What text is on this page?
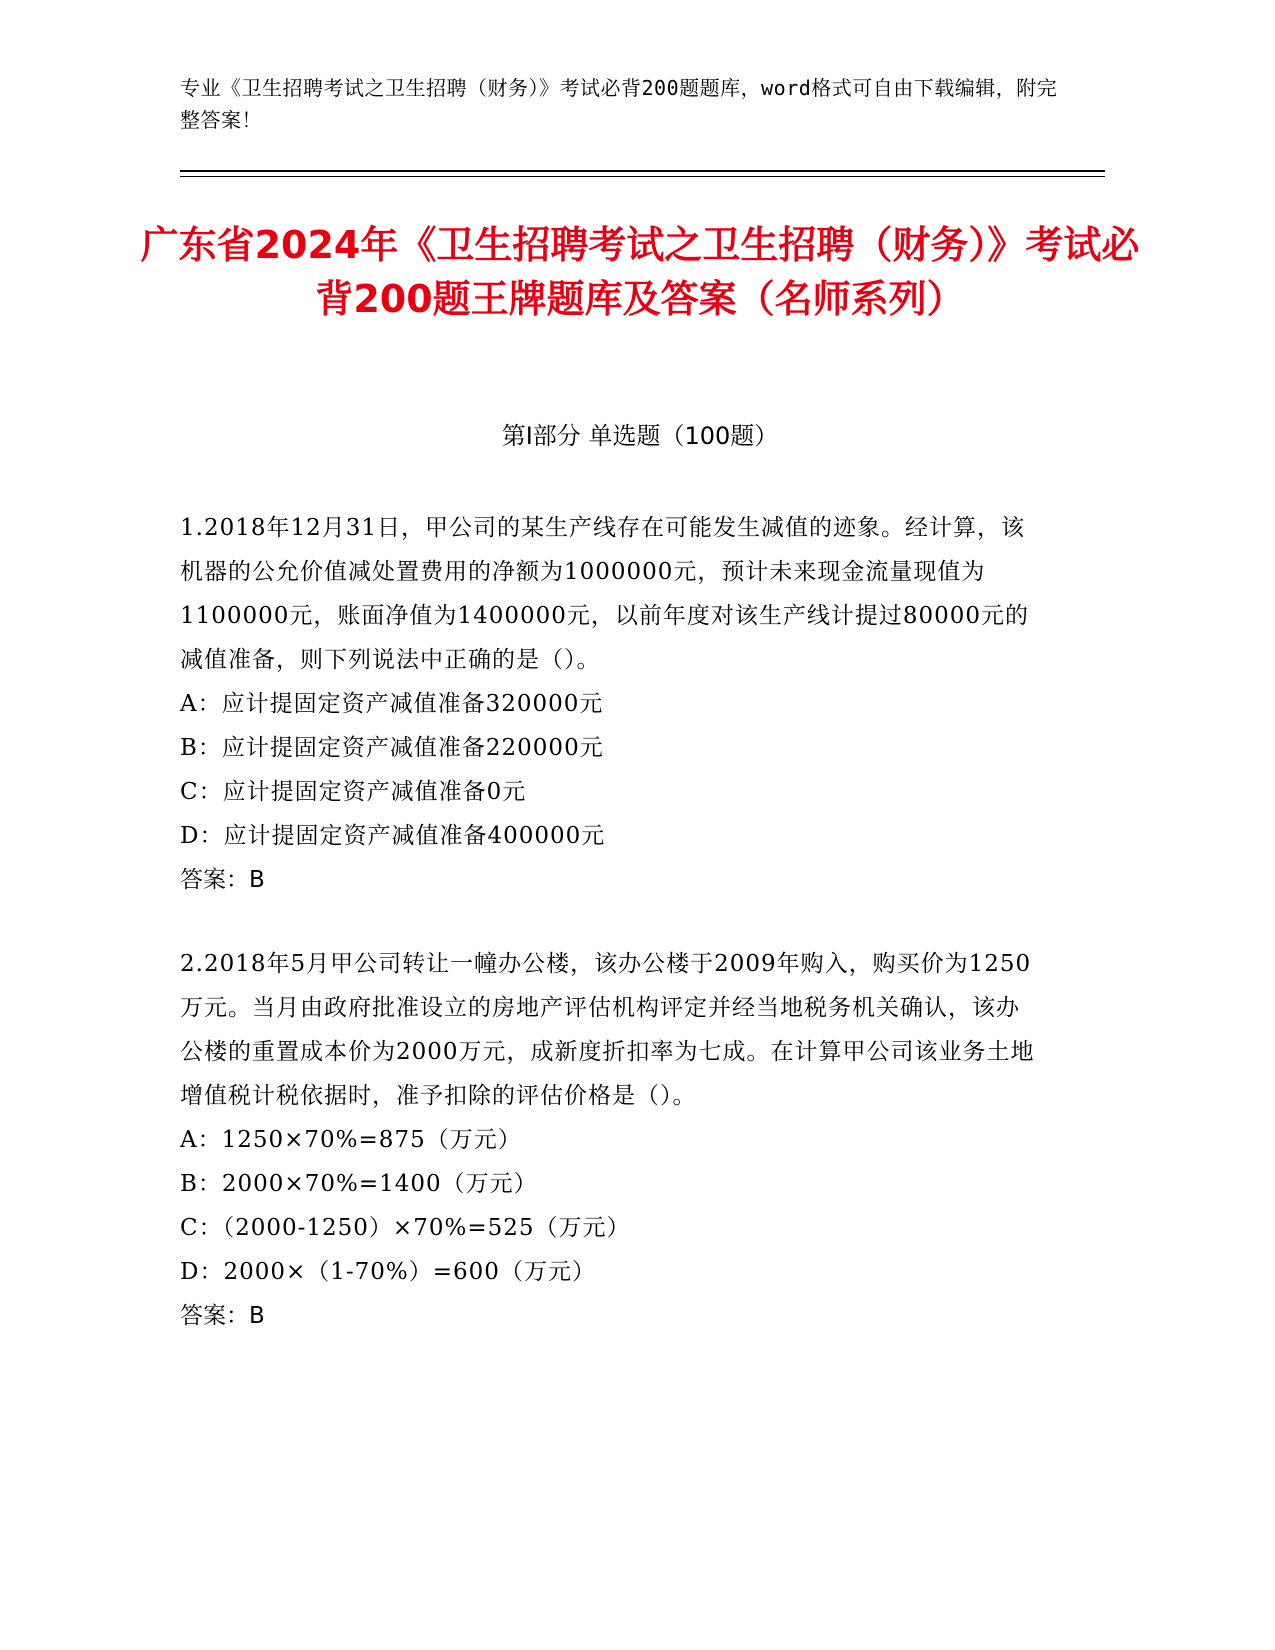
专业《卫生招聘考试之卫生招聘（财务）》考试必背200题题库，word格式可自由下载编辑，附完整答案！
广东省2024年《卫生招聘考试之卫生招聘（财务）》考试必背200题王牌题库及答案（名师系列）
第Ⅰ部分 单选题（100题）
1.2018年12月31日，甲公司的某生产线存在可能发生减值的迹象。经计算，该机器的公允价值减处置费用的净额为1000000元，预计未来现金流量现值为1100000元，账面净值为1400000元，以前年度对该生产线计提过80000元的减值准备，则下列说法中正确的是（）。
A：应计提固定资产减值准备320000元
B：应计提固定资产减值准备220000元
C：应计提固定资产减值准备0元
D：应计提固定资产减值准备400000元
答案：B
2.2018年5月甲公司转让一幢办公楼，该办公楼于2009年购入，购买价为1250万元。当月由政府批准设立的房地产评估机构评定并经当地税务机关确认，该办公楼的重置成本价为2000万元，成新度折扣率为七成。在计算甲公司该业务土地增值税计税依据时，准予扣除的评估价格是（）。
A：1250×70%=875（万元）
B：2000×70%=1400（万元）
C：（2000-1250）×70%=525（万元）
D：2000×（1-70%）=600（万元）
答案：B
